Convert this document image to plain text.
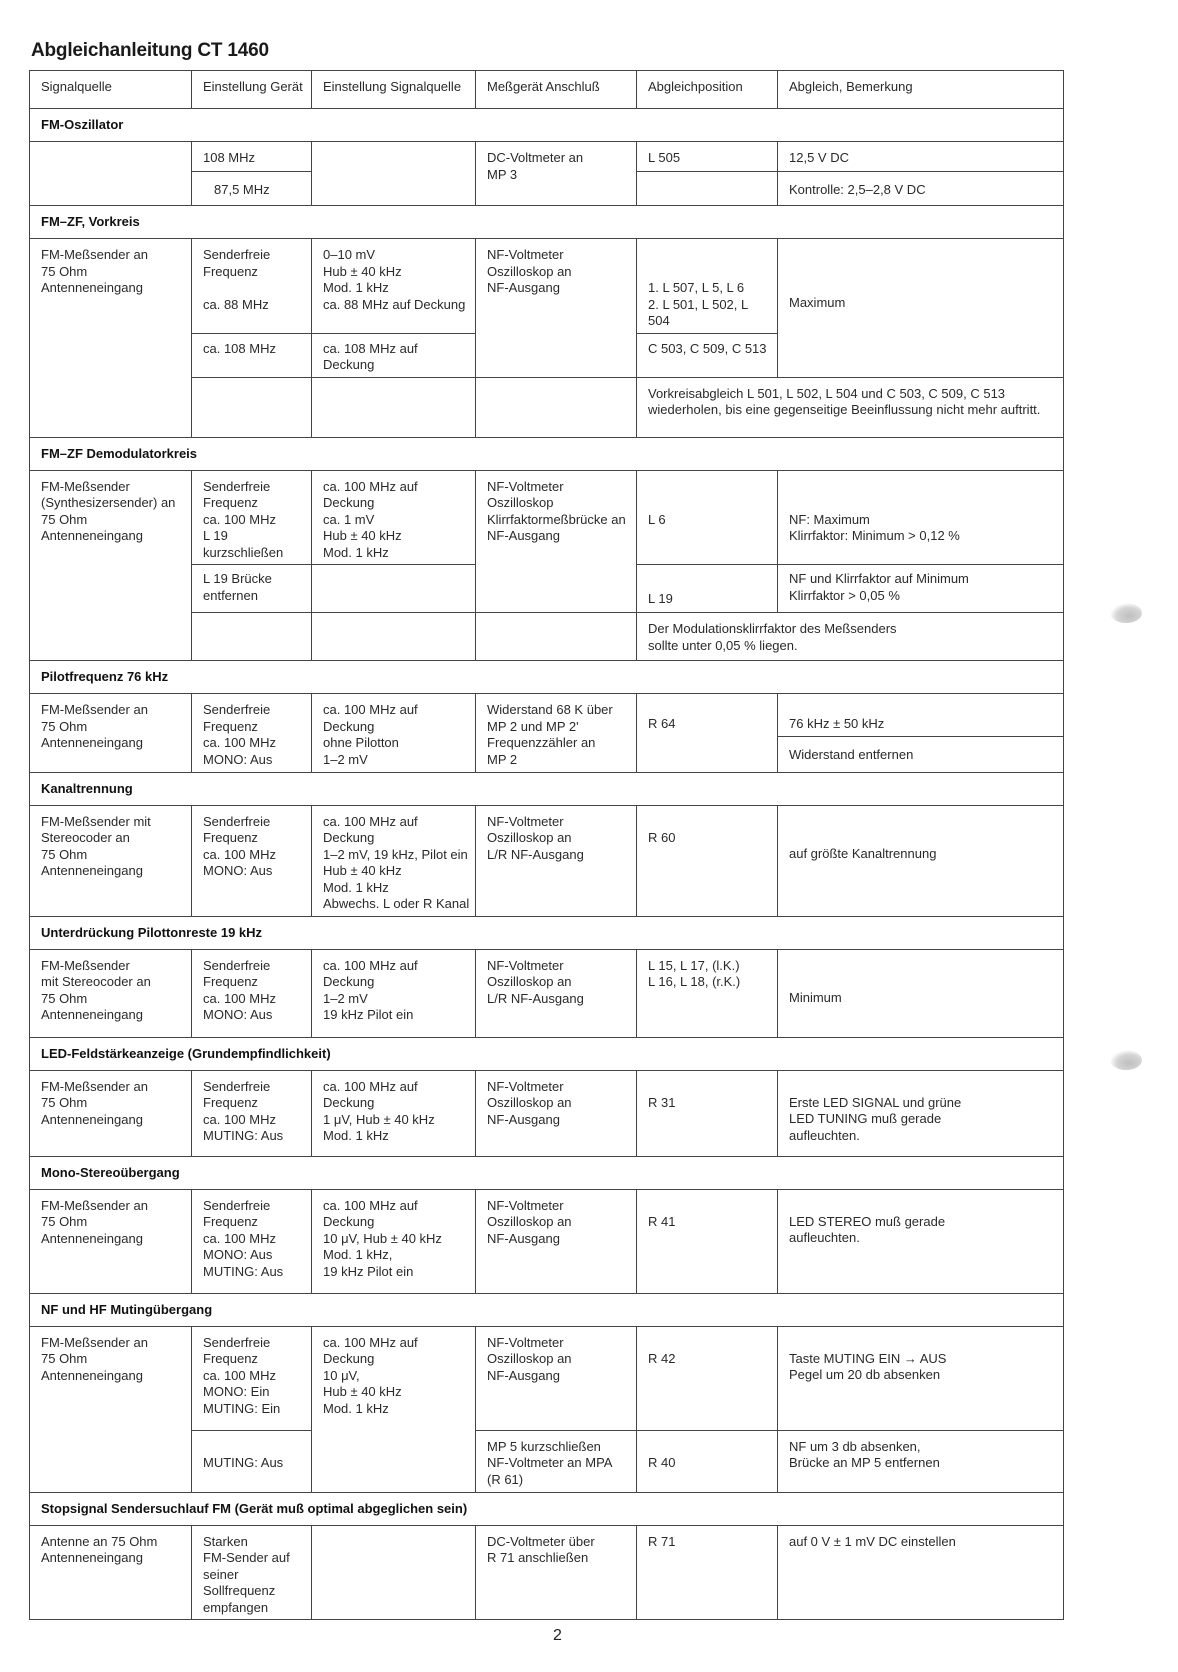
Abgleichanleitung CT 1460
Signalquelle	Einstellung Gerät	Einstellung Signalquelle	Meßgerät Anschluß	Abgleichposition	Abgleich, Bemerkung
FM-Oszillator					
	108 MHz		DC-Voltmeter an
MP 3	L 505	12,5 V DC
	87,5 MHz				Kontrolle: 2,5–2,8 V DC
FM–ZF, Vorkreis					
FM-Meßsender an
75 Ohm
Antenneneingang	Senderfreie
Frequenz

ca. 88 MHz	0–10 mV
Hub ± 40 kHz
Mod. 1 kHz
ca. 88 MHz auf Deckung	NF-Voltmeter
Oszilloskop an
NF-Ausgang	1. L 507, L 5, L 6
2. L 501, L 502, L 504	Maximum
	ca. 108 MHz	ca. 108 MHz auf Deckung		C 503, C 509, C 513	
				Vorkreisabgleich L 501, L 502, L 504 und C 503, C 509, C 513 wiederholen, bis eine gegenseitige Beeinflussung nicht mehr auftritt.	
FM–ZF Demodulatorkreis					
FM-Meßsender
(Synthesizersender) an
75 Ohm
Antenneneingang	Senderfreie
Frequenz
ca. 100 MHz
L 19 kurzschließen	ca. 100 MHz auf Deckung
ca. 1 mV
Hub ± 40 kHz
Mod. 1 kHz	NF-Voltmeter
Oszilloskop
Klirrfaktormeßbrücke an
NF-Ausgang	L 6	NF: Maximum
Klirrfaktor: Minimum > 0,12 %
	L 19 Brücke
entfernen			L 19	NF und Klirrfaktor auf Minimum
Klirrfaktor > 0,05 %
				Der Modulationsklirrfaktor des Meßsenders
sollte unter 0,05 % liegen.	
Pilotfrequenz 76 kHz					
FM-Meßsender an
75 Ohm
Antenneneingang	Senderfreie
Frequenz
ca. 100 MHz
MONO: Aus	ca. 100 MHz auf Deckung
ohne Pilotton
1–2 mV	Widerstand 68 K über
MP 2 und MP 2'
Frequenzzähler an
MP 2	R 64	76 kHz ± 50 kHz
					Widerstand entfernen
Kanaltrennung					
FM-Meßsender mit
Stereocoder an
75 Ohm
Antenneneingang	Senderfreie
Frequenz
ca. 100 MHz
MONO: Aus	ca. 100 MHz auf Deckung
1–2 mV, 19 kHz, Pilot ein
Hub ± 40 kHz
Mod. 1 kHz
Abwechs. L oder R Kanal	NF-Voltmeter
Oszilloskop an
L/R NF-Ausgang	R 60	auf größte Kanaltrennung
Unterdrückung Pilottonreste 19 kHz					
FM-Meßsender
mit Stereocoder an
75 Ohm
Antenneneingang	Senderfreie
Frequenz
ca. 100 MHz
MONO: Aus	ca. 100 MHz auf Deckung
1–2 mV
19 kHz Pilot ein	NF-Voltmeter
Oszilloskop an
L/R NF-Ausgang	L 15, L 17, (l.K.)
L 16, L 18, (r.K.)	Minimum
LED-Feldstärkeanzeige (Grundempfindlichkeit)					
FM-Meßsender an
75 Ohm
Antenneneingang	Senderfreie
Frequenz
ca. 100 MHz
MUTING: Aus	ca. 100 MHz auf Deckung
1 μV, Hub ± 40 kHz
Mod. 1 kHz	NF-Voltmeter
Oszilloskop an
NF-Ausgang	R 31	Erste LED SIGNAL und grüne
LED TUNING muß gerade
aufleuchten.
Mono-Stereoübergang					
FM-Meßsender an
75 Ohm
Antenneneingang	Senderfreie
Frequenz
ca. 100 MHz
MONO: Aus
MUTING: Aus	ca. 100 MHz auf Deckung
10 μV, Hub ± 40 kHz
Mod. 1 kHz,
19 kHz Pilot ein	NF-Voltmeter
Oszilloskop an
NF-Ausgang	R 41	LED STEREO muß gerade
aufleuchten.
NF und HF Mutingübergang					
FM-Meßsender an
75 Ohm
Antenneneingang	Senderfreie
Frequenz
ca. 100 MHz
MONO: Ein
MUTING: Ein	ca. 100 MHz auf Deckung
10 μV,
Hub ± 40 kHz
Mod. 1 kHz	NF-Voltmeter
Oszilloskop an
NF-Ausgang	R 42	Taste MUTING EIN → AUS
Pegel um 20 db absenken
	MUTING: Aus		MP 5 kurzschließen
NF-Voltmeter an MPA
(R 61)	R 40	NF um 3 db absenken,
Brücke an MP 5 entfernen
Stopsignal Sendersuchlauf FM (Gerät muß optimal abgeglichen sein)					
Antenne an 75 Ohm
Antenneneingang	Starken
FM-Sender auf
seiner Sollfrequenz
empfangen		DC-Voltmeter über
R 71 anschließen	R 71	auf 0 V ± 1 mV DC einstellen
2
